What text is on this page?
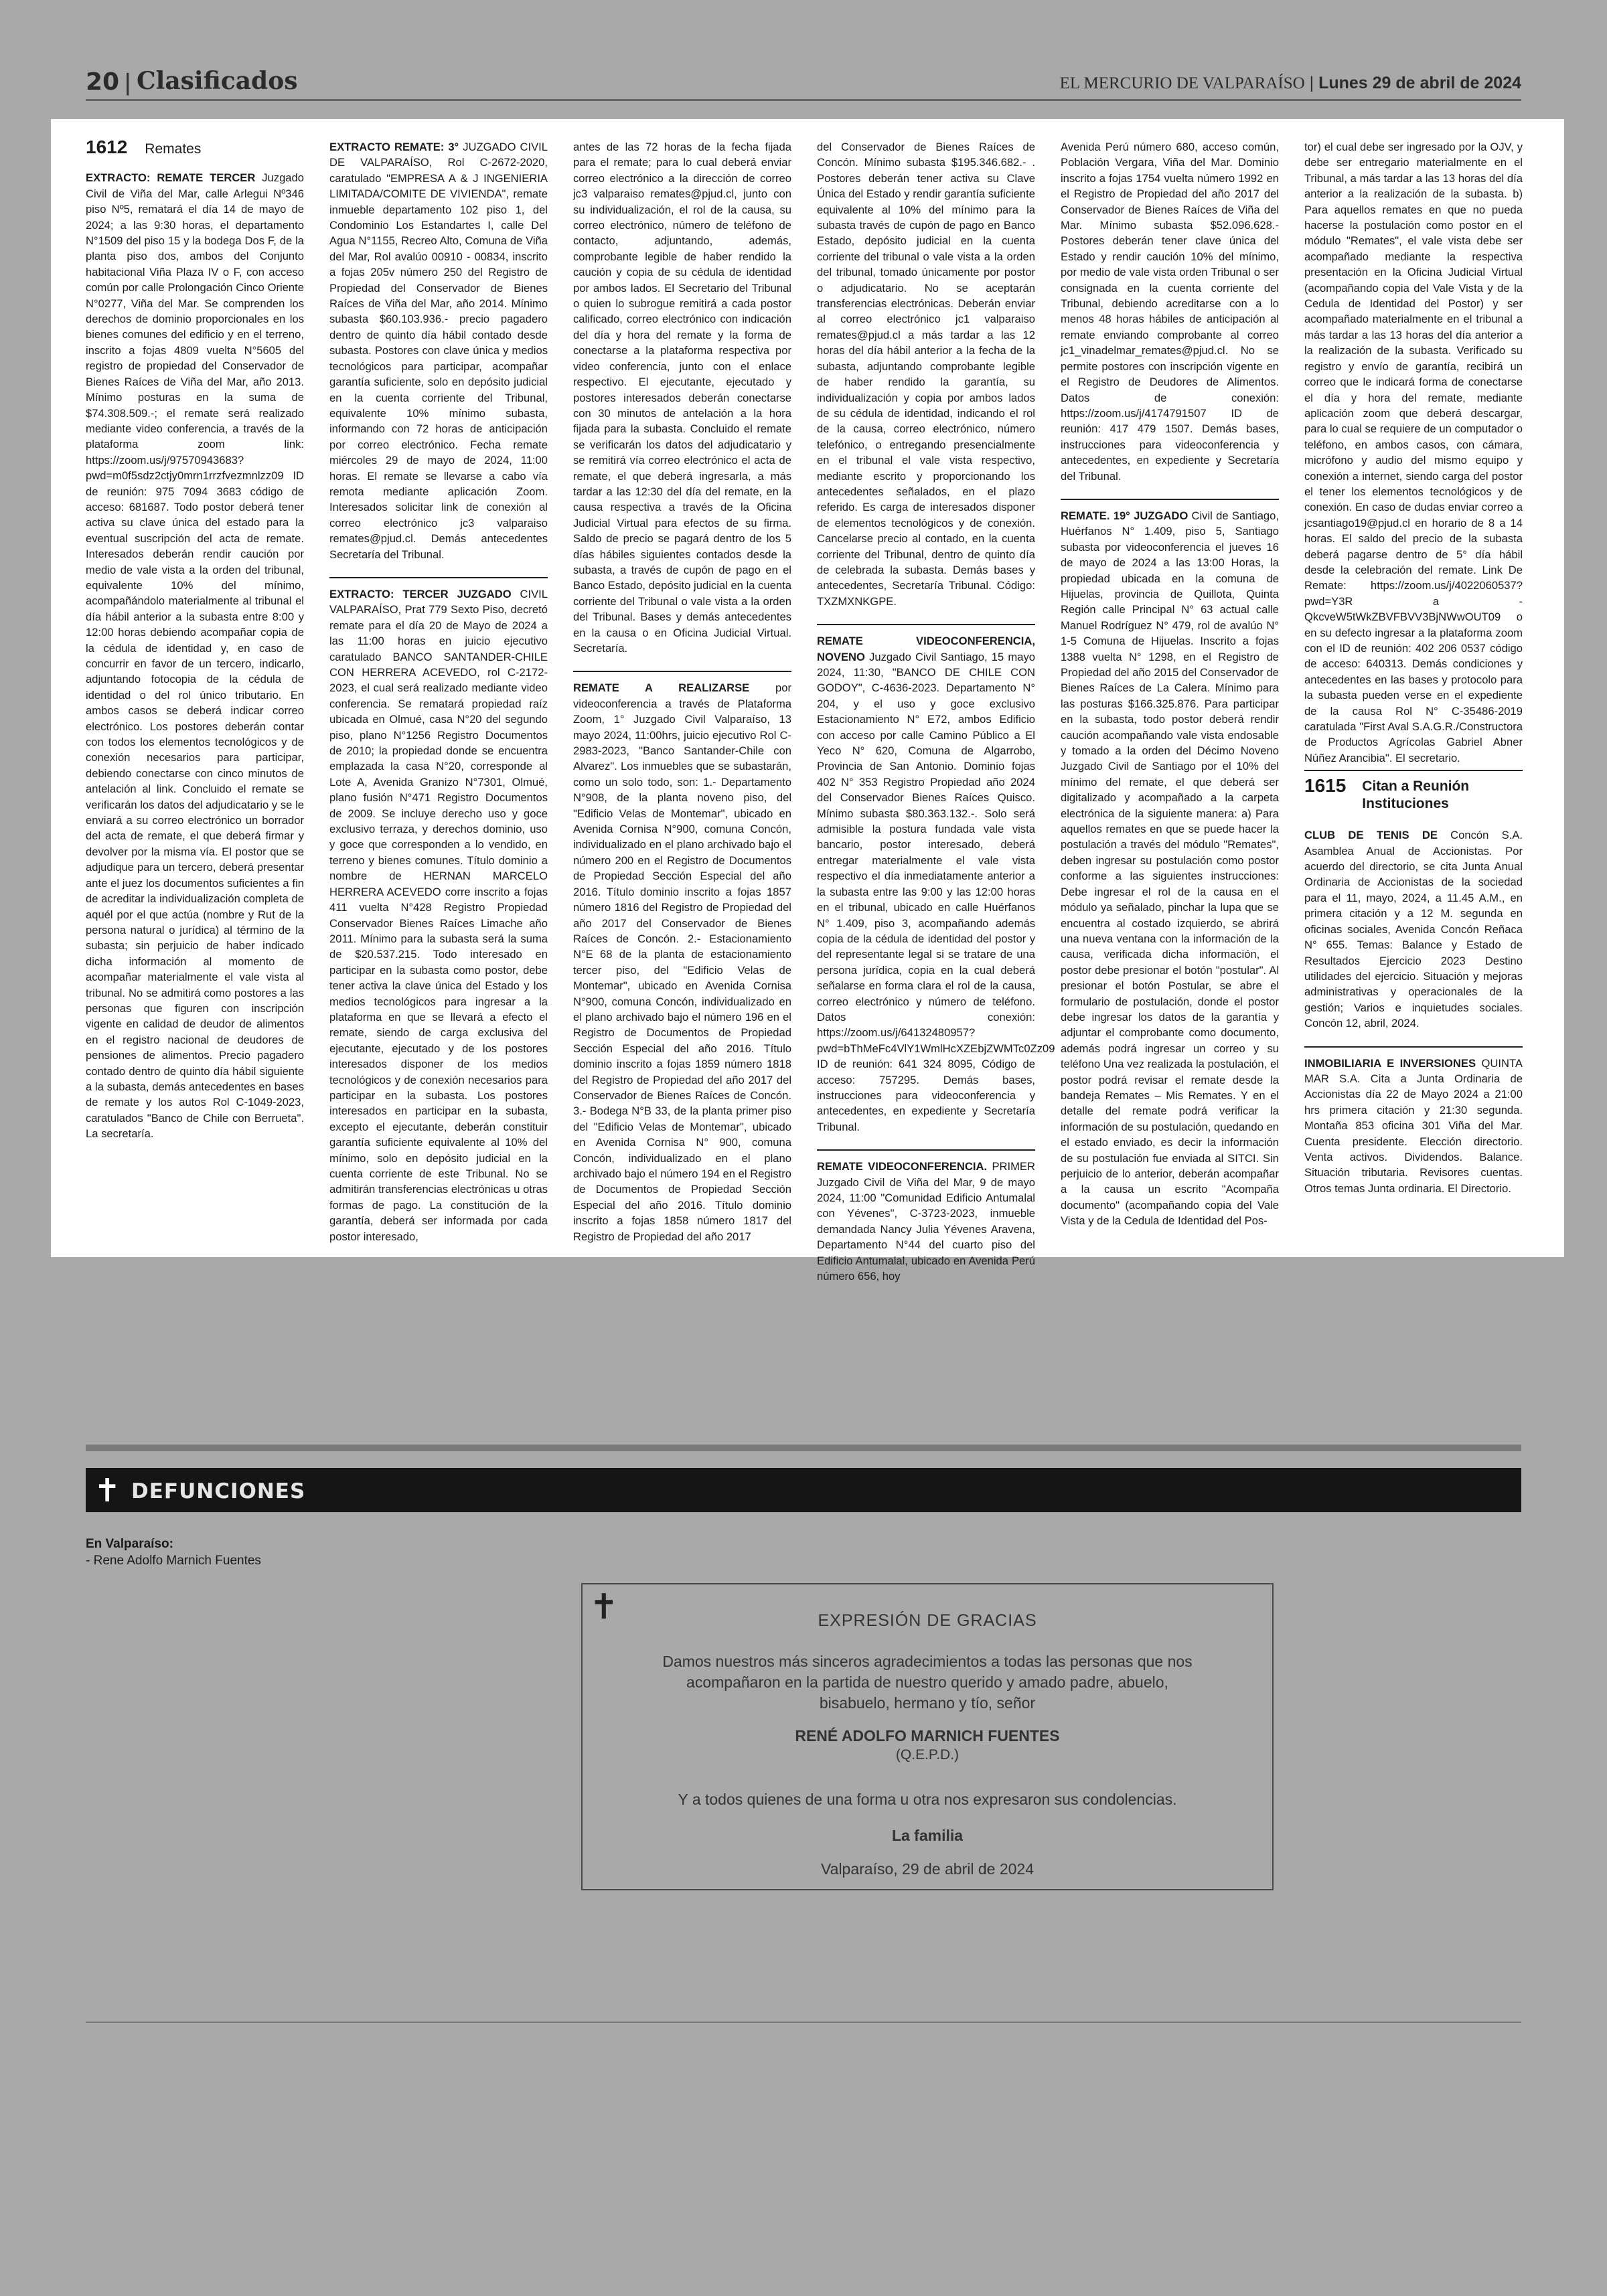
20 | Clasificados	EL MERCURIO DE VALPARAÍSO | Lunes 29 de abril de 2024
1612 Remates

EXTRACTO: REMATE TERCER Juzgado Civil de Viña del Mar, calle Arlegui Nº346 piso Nº5, rematará el día 14 de mayo de 2024; a las 9:30 horas, el departamento N°1509 del piso 15 y la bodega Dos F, de la planta piso dos, ambos del Conjunto habitacional Viña Plaza IV o F, con acceso común por calle Prolongación Cinco Oriente N°0277, Viña del Mar. Se comprenden los derechos de dominio proporcionales en los bienes comunes del edificio y en el terreno, inscrito a fojas 4809 vuelta N°5605 del registro de propiedad del Conservador de Bienes Raíces de Viña del Mar, año 2013. Mínimo posturas en la suma de $74.308.509.-; el remate será realizado mediante video conferencia, a través de la plataforma zoom link: https://zoom.us/j/97570943683?pwd=m0f5sdz2ctjy0mrn1rrzfvezmnlzz09 ID de reunión: 975 7094 3683 código de acceso: 681687. Todo postor deberá tener activa su clave única del estado para la eventual suscripción del acta de remate. Interesados deberán rendir caución por medio de vale vista a la orden del tribunal, equivalente 10% del mínimo, acompañándolo materialmente al tribunal el día hábil anterior a la subasta entre 8:00 y 12:00 horas debiendo acompañar copia de la cédula de identidad y, en caso de concurrir en favor de un tercero, indicarlo, adjuntando fotocopia de la cédula de identidad o del rol único tributario. En ambos casos se deberá indicar correo electrónico. Los postores deberán contar con todos los elementos tecnológicos y de conexión necesarios para participar, debiendo conectarse con cinco minutos de antelación al link. Concluido el remate se verificarán los datos del adjudicatario y se le enviará a su correo electrónico un borrador del acta de remate, el que deberá firmar y devolver por la misma vía. El postor que se adjudique para un tercero, deberá presentar ante el juez los documentos suficientes a fin de acreditar la individualización completa de aquél por el que actúa (nombre y Rut de la persona natural o jurídica) al término de la subasta; sin perjuicio de haber indicado dicha información al momento de acompañar materialmente el vale vista al tribunal. No se admitirá como postores a las personas que figuren con inscripción vigente en calidad de deudor de alimentos en el registro nacional de deudores de pensiones de alimentos. Precio pagadero contado dentro de quinto día hábil siguiente a la subasta, demás antecedentes en bases de remate y los autos Rol C-1049-2023, caratulados "Banco de Chile con Berrueta". La secretaría.

EXTRACTO REMATE: 3° JUZGADO CIVIL DE VALPARAÍSO, Rol C-2672-2020, caratulado "EMPRESA A & J INGENIERIA LIMITADA/COMITE DE VIVIENDA", remate inmueble departamento 102 piso 1, del Condominio Los Estandartes I, calle Del Agua N°1155, Recreo Alto, Comuna de Viña del Mar, Rol avalúo 00910 - 00834, inscrito a fojas 205v número 250 del Registro de Propiedad del Conservador de Bienes Raíces de Viña del Mar, año 2014. Mínimo subasta $60.103.936.- precio pagadero dentro de quinto día hábil contado desde subasta. Postores con clave única y medios tecnológicos para participar, acompañar garantía suficiente, solo en depósito judicial en la cuenta corriente del Tribunal, equivalente 10% mínimo subasta, informando con 72 horas de anticipación por correo electrónico. Fecha remate miércoles 29 de mayo de 2024, 11:00 horas. El remate se llevarse a cabo vía remota mediante aplicación Zoom. Interesados solicitar link de conexión al correo electrónico jc3 valparaiso remates@pjud.cl. Demás antecedentes Secretaría del Tribunal.

EXTRACTO: TERCER JUZGADO CIVIL VALPARAÍSO, Prat 779 Sexto Piso, decretó remate para el día 20 de Mayo de 2024 a las 11:00 horas en juicio ejecutivo caratulado BANCO SANTANDER-CHILE CON HERRERA ACEVEDO, rol C-2172-2023, el cual será realizado mediante video conferencia. Se rematará propiedad raíz ubicada en Olmué, casa N°20 del segundo piso, plano N°1256 Registro Documentos de 2010; la propiedad donde se encuentra emplazada la casa N°20, corresponde al Lote A, Avenida Granizo N°7301, Olmué, plano fusión N°471 Registro Documentos de 2009. Se incluye derecho uso y goce exclusivo terraza, y derechos dominio, uso y goce que corresponden a lo vendido, en terreno y bienes comunes. Título dominio a nombre de HERNAN MARCELO HERRERA ACEVEDO corre inscrito a fojas 411 vuelta N°428 Registro Propiedad Conservador Bienes Raíces Limache año 2011. Mínimo para la subasta será la suma de $20.537.215. Todo interesado en participar en la subasta como postor, debe tener activa la clave única del Estado y los medios tecnológicos para ingresar a la plataforma en que se llevará a efecto el remate, siendo de carga exclusiva del ejecutante, ejecutado y de los postores interesados disponer de los medios tecnológicos y de conexión necesarios para participar en la subasta. Los postores interesados en participar en la subasta, excepto el ejecutante, deberán constituir garantía suficiente equivalente al 10% del mínimo, solo en depósito judicial en la cuenta corriente de este Tribunal. No se admitirán transferencias electrónicas u otras formas de pago. La constitución de la garantía, deberá ser informada por cada postor interesado,

antes de las 72 horas de la fecha fijada para el remate; para lo cual deberá enviar correo electrónico a la dirección de correo jc3 valparaiso remates@pjud.cl, junto con su individualización, el rol de la causa, su correo electrónico, número de teléfono de contacto, adjuntando, además, comprobante legible de haber rendido la caución y copia de su cédula de identidad por ambos lados. El Secretario del Tribunal o quien lo subrogue remitirá a cada postor calificado, correo electrónico con indicación del día y hora del remate y la forma de conectarse a la plataforma respectiva por video conferencia, junto con el enlace respectivo. El ejecutante, ejecutado y postores interesados deberán conectarse con 30 minutos de antelación a la hora fijada para la subasta. Concluido el remate se verificarán los datos del adjudicatario y se remitirá vía correo electrónico el acta de remate, el que deberá ingresarla, a más tardar a las 12:30 del día del remate, en la causa respectiva a través de la Oficina Judicial Virtual para efectos de su firma. Saldo de precio se pagará dentro de los 5 días hábiles siguientes contados desde la subasta, a través de cupón de pago en el Banco Estado, depósito judicial en la cuenta corriente del Tribunal o vale vista a la orden del Tribunal. Bases y demás antecedentes en la causa o en Oficina Judicial Virtual. Secretaría.

REMATE A REALIZARSE por videoconferencia a través de Plataforma Zoom, 1° Juzgado Civil Valparaíso, 13 mayo 2024, 11:00hrs, juicio ejecutivo Rol C-2983-2023, "Banco Santander-Chile con Alvarez". Los inmuebles que se subastarán, como un solo todo, son: 1.- Departamento N°908, de la planta noveno piso, del "Edificio Velas de Montemar", ubicado en Avenida Cornisa N°900, comuna Concón, individualizado en el plano archivado bajo el número 200 en el Registro de Documentos de Propiedad Sección Especial del año 2016. Título dominio inscrito a fojas 1857 número 1816 del Registro de Propiedad del año 2017 del Conservador de Bienes Raíces de Concón. 2.- Estacionamiento N°E 68 de la planta de estacionamiento tercer piso, del "Edificio Velas de Montemar", ubicado en Avenida Cornisa N°900, comuna Concón, individualizado en el plano archivado bajo el número 196 en el Registro de Documentos de Propiedad Sección Especial del año 2016. Título dominio inscrito a fojas 1859 número 1818 del Registro de Propiedad del año 2017 del Conservador de Bienes Raíces de Concón. 3.- Bodega N°B 33, de la planta primer piso del "Edificio Velas de Montemar", ubicado en Avenida Cornisa N° 900, comuna Concón, individualizado en el plano archivado bajo el número 194 en el Registro de Documentos de Propiedad Sección Especial del año 2016. Título dominio inscrito a fojas 1858 número 1817 del Registro de Propiedad del año 2017

del Conservador de Bienes Raíces de Concón. Mínimo subasta $195.346.682.- . Postores deberán tener activa su Clave Única del Estado y rendir garantía suficiente equivalente al 10% del mínimo para la subasta través de cupón de pago en Banco Estado, depósito judicial en la cuenta corriente del tribunal o vale vista a la orden del tribunal, tomado únicamente por postor o adjudicatario. No se aceptarán transferencias electrónicas. Deberán enviar al correo electrónico jc1 valparaiso remates@pjud.cl a más tardar a las 12 horas del día hábil anterior a la fecha de la subasta, adjuntando comprobante legible de haber rendido la garantía, su individualización y copia por ambos lados de su cédula de identidad, indicando el rol de la causa, correo electrónico, número telefónico, o entregando presencialmente en el tribunal el vale vista respectivo, mediante escrito y proporcionando los antecedentes señalados, en el plazo referido. Es carga de interesados disponer de elementos tecnológicos y de conexión. Cancelarse precio al contado, en la cuenta corriente del Tribunal, dentro de quinto día de celebrada la subasta. Demás bases y antecedentes, Secretaría Tribunal. Código: TXZMXNKGPE.

REMATE VIDEOCONFERENCIA, NOVENO Juzgado Civil Santiago, 15 mayo 2024, 11:30, "BANCO DE CHILE CON GODOY", C-4636-2023. Departamento N° 204, y el uso y goce exclusivo Estacionamiento N° E72, ambos Edificio con acceso por calle Camino Público a El Yeco N° 620, Comuna de Algarrobo, Provincia de San Antonio. Dominio fojas 402 N° 353 Registro Propiedad año 2024 del Conservador Bienes Raíces Quisco. Mínimo subasta $80.363.132.-. Solo será admisible la postura fundada vale vista bancario, postor interesado, deberá entregar materialmente el vale vista respectivo el día inmediatamente anterior a la subasta entre las 9:00 y las 12:00 horas en el tribunal, ubicado en calle Huérfanos N° 1.409, piso 3, acompañando además copia de la cédula de identidad del postor y del representante legal si se tratare de una persona jurídica, copia en la cual deberá señalarse en forma clara el rol de la causa, correo electrónico y número de teléfono. Datos conexión: https://zoom.us/j/64132480957?pwd=bThMeFc4VlY1WmlHcXZEbjZWMTc0Zz09 ID de reunión: 641 324 8095, Código de acceso: 757295. Demás bases, instrucciones para videoconferencia y antecedentes, en expediente y Secretaría Tribunal.

REMATE VIDEOCONFERENCIA. PRIMER Juzgado Civil de Viña del Mar, 9 de mayo 2024, 11:00 "Comunidad Edificio Antumalal con Yévenes", C-3723-2023, inmueble demandada Nancy Julia Yévenes Aravena, Departamento N°44 del cuarto piso del Edificio Antumalal, ubicado en Avenida Perú número 656, hoy

Avenida Perú número 680, acceso común, Población Vergara, Viña del Mar. Dominio inscrito a fojas 1754 vuelta número 1992 en el Registro de Propiedad del año 2017 del Conservador de Bienes Raíces de Viña del Mar. Mínimo subasta $52.096.628.- Postores deberán tener clave única del Estado y rendir caución 10% del mínimo, por medio de vale vista orden Tribunal o ser consignada en la cuenta corriente del Tribunal, debiendo acreditarse con a lo menos 48 horas hábiles de anticipación al remate enviando comprobante al correo jc1_vinadelmar_remates@pjud.cl. No se permite postores con inscripción vigente en el Registro de Deudores de Alimentos. Datos de conexión: https://zoom.us/j/4174791507 ID de reunión: 417 479 1507. Demás bases, instrucciones para videoconferencia y antecedentes, en expediente y Secretaría del Tribunal.

REMATE. 19° JUZGADO Civil de Santiago, Huérfanos N° 1.409, piso 5, Santiago subasta por videoconferencia el jueves 16 de mayo de 2024 a las 13:00 Horas, la propiedad ubicada en la comuna de Hijuelas, provincia de Quillota, Quinta Región calle Principal N° 63 actual calle Manuel Rodríguez N° 479, rol de avalúo N° 1-5 Comuna de Hijuelas. Inscrito a fojas 1388 vuelta N° 1298, en el Registro de Propiedad del año 2015 del Conservador de Bienes Raíces de La Calera. Mínimo para las posturas $166.325.876. Para participar en la subasta, todo postor deberá rendir caución acompañando vale vista endosable y tomado a la orden del Décimo Noveno Juzgado Civil de Santiago por el 10% del mínimo del remate, el que deberá ser digitalizado y acompañado a la carpeta electrónica de la siguiente manera: a) Para aquellos remates en que se puede hacer la postulación a través del módulo "Remates", deben ingresar su postulación como postor conforme a las siguientes instrucciones: Debe ingresar el rol de la causa en el módulo ya señalado, pinchar la lupa que se encuentra al costado izquierdo, se abrirá una nueva ventana con la información de la causa, verificada dicha información, el postor debe presionar el botón "postular". Al presionar el botón Postular, se abre el formulario de postulación, donde el postor debe ingresar los datos de la garantía y adjuntar el comprobante como documento, además podrá ingresar un correo y su teléfono Una vez realizada la postulación, el postor podrá revisar el remate desde la bandeja Remates – Mis Remates. Y en el detalle del remate podrá verificar la información de su postulación, quedando en el estado enviado, es decir la información de su postulación fue enviada al SITCI. Sin perjuicio de lo anterior, deberán acompañar a la causa un escrito "Acompaña documento" (acompañando copia del Vale Vista y de la Cedula de Identidad del Pos-

tor) el cual debe ser ingresado por la OJV, y debe ser entregario materialmente en el Tribunal, a más tardar a las 13 horas del día anterior a la realización de la subasta. b) Para aquellos remates en que no pueda hacerse la postulación como postor en el módulo "Remates", el vale vista debe ser acompañado mediante la respectiva presentación en la Oficina Judicial Virtual (acompañando copia del Vale Vista y de la Cedula de Identidad del Postor) y ser acompañado materialmente en el tribunal a más tardar a las 13 horas del día anterior a la realización de la subasta. Verificado su registro y envío de garantía, recibirá un correo que le indicará forma de conectarse el día y hora del remate, mediante aplicación zoom que deberá descargar, para lo cual se requiere de un computador o teléfono, en ambos casos, con cámara, micrófono y audio del mismo equipo y conexión a internet, siendo carga del postor el tener los elementos tecnológicos y de conexión. En caso de dudas enviar correo a jcsantiago19@pjud.cl en horario de 8 a 14 horas. El saldo del precio de la subasta deberá pagarse dentro de 5° día hábil desde la celebración del remate. Link De Remate: https://zoom.us/j/4022060537?pwd=Y3R a - QkcveW5tWkZBVFBVV3BjNWwOUT09 o en su defecto ingresar a la plataforma zoom con el ID de reunión: 402 206 0537 código de acceso: 640313. Demás condiciones y antecedentes en las bases y protocolo para la subasta pueden verse en el expediente de la causa Rol N° C-35486-2019 caratulada "First Aval S.A.G.R./Constructora de Productos Agrícolas Gabriel Abner Núñez Arancibia". El secretario.

1615 Citan a Reunión Instituciones

CLUB DE TENIS DE Concón S.A. Asamblea Anual de Accionistas. Por acuerdo del directorio, se cita Junta Anual Ordinaria de Accionistas de la sociedad para el 11, mayo, 2024, a 11.45 A.M., en primera citación y a 12 M. segunda en oficinas sociales, Avenida Concón Reñaca N° 655. Temas: Balance y Estado de Resultados Ejercicio 2023 Destino utilidades del ejercicio. Situación y mejoras administrativas y operacionales de la gestión; Varios e inquietudes sociales. Concón 12, abril, 2024.

INMOBILIARIA E INVERSIONES QUINTA MAR S.A. Cita a Junta Ordinaria de Accionistas día 22 de Mayo 2024 a 21:00 hrs primera citación y 21:30 segunda. Montaña 853 oficina 301 Viña del Mar. Cuenta presidente. Elección directorio. Venta activos. Dividendos. Balance. Situación tributaria. Revisores cuentas. Otros temas Junta ordinaria. El Directorio.

✝ DEFUNCIONES
En Valparaíso:
- Rene Adolfo Marnich Fuentes
✝	EXPRESIÓN DE GRACIAS
Damos nuestros más sinceros agradecimientos a todas las personas que nos acompañaron en la partida de nuestro querido y amado padre, abuelo, bisabuelo, hermano y tío, señor
RENÉ ADOLFO MARNICH FUENTES
(Q.E.P.D.)
Y a todos quienes de una forma u otra nos expresaron sus condolencias.
La familia
Valparaíso, 29 de abril de 2024
